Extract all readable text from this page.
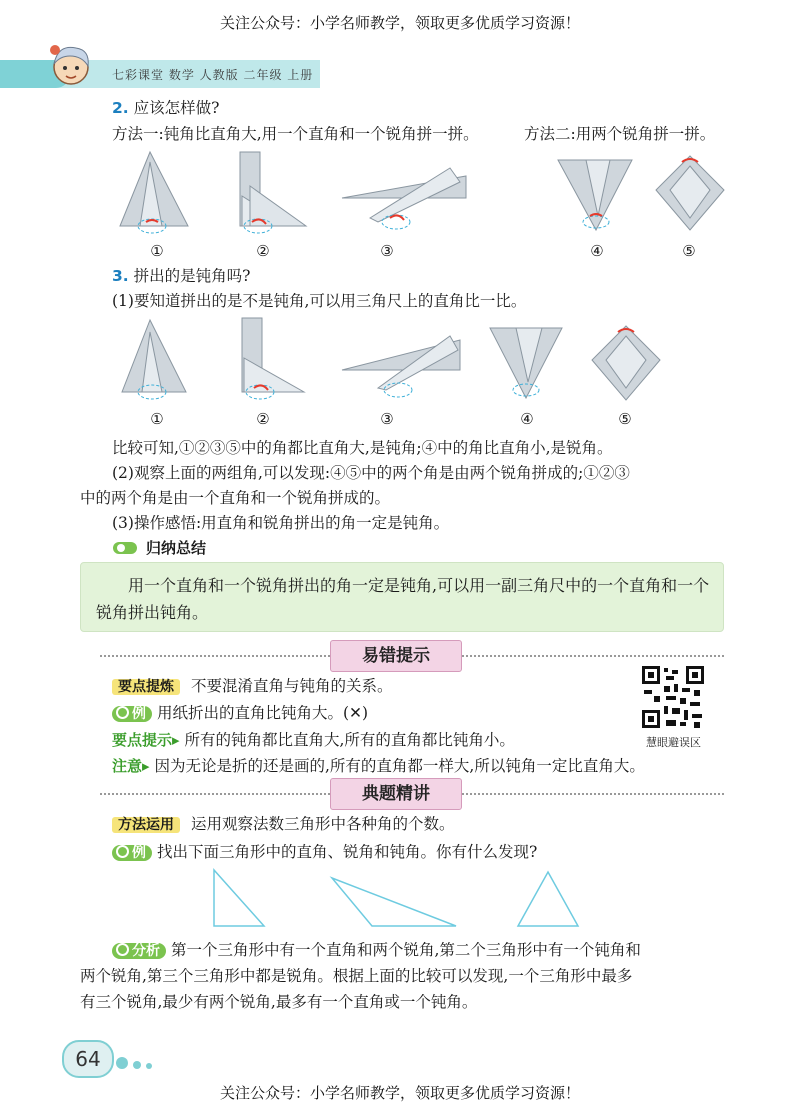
关注公众号：小学名师教学，领取更多优质学习资源！
七彩课堂 数学 人教版 二年级 上册
2. 应该怎样做?
方法一:钝角比直角大,用一个直角和一个锐角拼一拼。	方法二:用两个锐角拼一拼。
①	②	③	④	⑤
3. 拼出的是钝角吗?
(1)要知道拼出的是不是钝角,可以用三角尺上的直角比一比。
①	②	③	④	⑤
比较可知,①②③⑤中的角都比直角大,是钝角;④中的角比直角小,是锐角。
(2)观察上面的两组角,可以发现:④⑤中的两个角是由两个锐角拼成的;①②③
中的两个角是由一个直角和一个锐角拼成的。
(3)操作感悟:用直角和锐角拼出的角一定是钝角。
归纳总结
用一个直角和一个锐角拼出的角一定是钝角,可以用一副三角尺中的一个直角和一个锐角拼出钝角。
易错提示
要点提炼 不要混淆直角与钝角的关系。
例 用纸折出的直角比钝角大。(✕)
要点提示▸ 所有的钝角都比直角大,所有的直角都比钝角小。
注意▸ 因为无论是折的还是画的,所有的直角都一样大,所以钝角一定比直角大。
慧眼避误区
典题精讲
方法运用 运用观察法数三角形中各种角的个数。
例 找出下面三角形中的直角、锐角和钝角。你有什么发现?
分析 第一个三角形中有一个直角和两个锐角,第二个三角形中有一个钝角和
两个锐角,第三个三角形中都是锐角。根据上面的比较可以发现,一个三角形中最多
有三个锐角,最少有两个锐角,最多有一个直角或一个钝角。
64
关注公众号：小学名师教学，领取更多优质学习资源！
